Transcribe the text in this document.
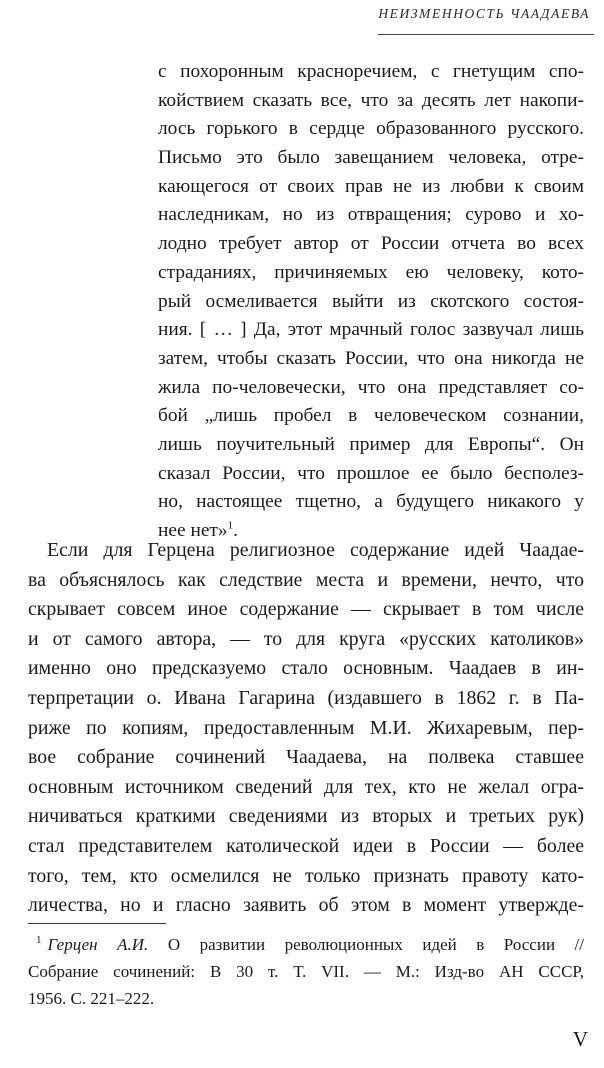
НЕИЗМЕННОСТЬ ЧААДАЕВА
с похоронным красноречием, с гнетущим спо-
койствием сказать все, что за десять лет накопи-
лось горького в сердце образованного русского.
Письмо это было завещанием человека, отре-
кающегося от своих прав не из любви к своим
наследникам, но из отвращения; сурово и хо-
лодно требует автор от России отчета во всех
страданиях, причиняемых ею человеку, кото-
рый осмеливается выйти из скотского состоя-
ния. [ … ] Да, этот мрачный голос зазвучал лишь
затем, чтобы сказать России, что она никогда не
жила по-человечески, что она представляет со-
бой „лишь пробел в человеческом сознании,
лишь поучительный пример для Европы“. Он
сказал России, что прошлое ее было бесполез-
но, настоящее тщетно, а будущего никакого у
нее нет»$^1$.
Если для Герцена религиозное содержание идей Чаадае-
ва объяснялось как следствие места и времени, нечто, что
скрывает совсем иное содержание — скрывает в том числе
и от самого автора, — то для круга «русских католиков»
именно оно предсказуемо стало основным. Чаадаев в ин-
терпретации о. Ивана Гагарина (издавшего в 1862 г. в Па-
риже по копиям, предоставленным М.И. Жихаревым, пер-
вое собрание сочинений Чаадаева, на полвека ставшее
основным источником сведений для тех, кто не желал огра-
ничиваться краткими сведениями из вторых и третьих рук)
стал представителем католической идеи в России — более
того, тем, кто осмелился не только признать правоту като-
личества, но и гласно заявить об этом в момент утвержде-
$^1$ Герцен А.И. О развитии революционных идей в России //
Собрание сочинений: В 30 т. Т. VII. — М.: Изд-во АН СССР,
1956. С. 221–222.
V
